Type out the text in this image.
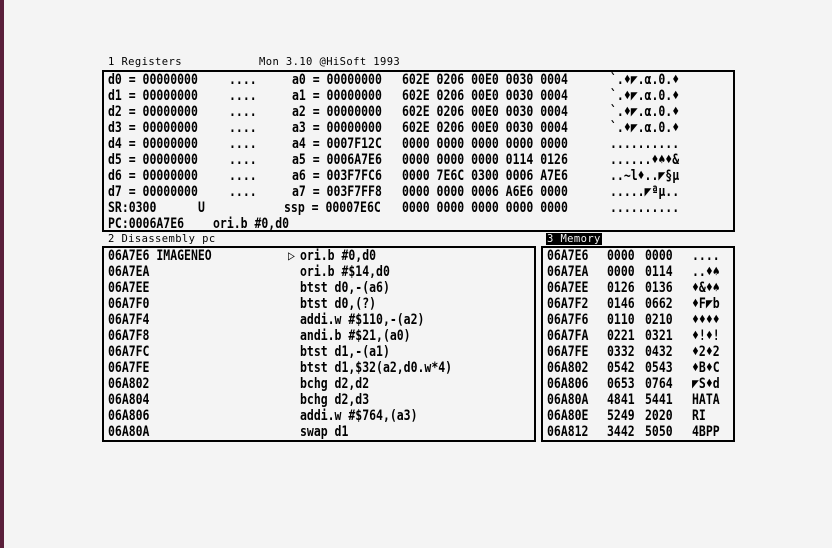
1 Registers	Mon 3.10 @HiSoft 1993
d0 = 00000000 ....	a0 = 00000000 602E 0206 00E0 0030 0004	`.♦◤.α.0.♦
d1 = 00000000 ....	a1 = 00000000 602E 0206 00E0 0030 0004	`.♦◤.α.0.♦
d2 = 00000000 ....	a2 = 00000000 602E 0206 00E0 0030 0004	`.♦◤.α.0.♦
d3 = 00000000 ....	a3 = 00000000 602E 0206 00E0 0030 0004	`.♦◤.α.0.♦
d4 = 00000000 ....	a4 = 0007F12C 0000 0000 0000 0000 0000	..........
d5 = 00000000 ....	a5 = 0006A7E6 0000 0000 0000 0114 0126	......♦♠♦&
d6 = 00000000 ....	a6 = 003F7FC6 0000 7E6C 0300 0006 A7E6	..~l♦..◤§µ
d7 = 00000000 ....	a7 = 003F7FF8 0000 0000 0006 A6E6 0000	.....◤ªµ..
SR:0300	U	ssp = 00007E6C 0000 0000 0000 0000 0000	..........
PC:0006A7E6 ori.b #0,d0
2 Disassembly pc	3 Memory
06A7E6 IMAGENEO	▷ ori.b #0,d0
06A7EA	ori.b #$14,d0
06A7EE	btst d0,-(a6)
06A7F0	btst d0,(?)
06A7F4	addi.w #$110,-(a2)
06A7F8	andi.b #$21,(a0)
06A7FC	btst d1,-(a1)
06A7FE	btst d1,$32(a2,d0.w*4)
06A802	bchg d2,d2
06A804	bchg d2,d3
06A806	addi.w #$764,(a3)
06A80A	swap d1
06A7E6 0000 0000 ....
06A7EA 0000 0114 ..♦♠
06A7EE 0126 0136 ♦&♦♠
06A7F2 0146 0662 ♦F◤b
06A7F6 0110 0210 ♦♦♦♦
06A7FA 0221 0321 ♦!♦!
06A7FE 0332 0432 ♦2♦2
06A802 0542 0543 ♦B♦C
06A806 0653 0764 ◤S♦d
06A80A 4841 5441 HATA
06A80E 5249 2020 RI
06A812 3442 5050 4BPP
